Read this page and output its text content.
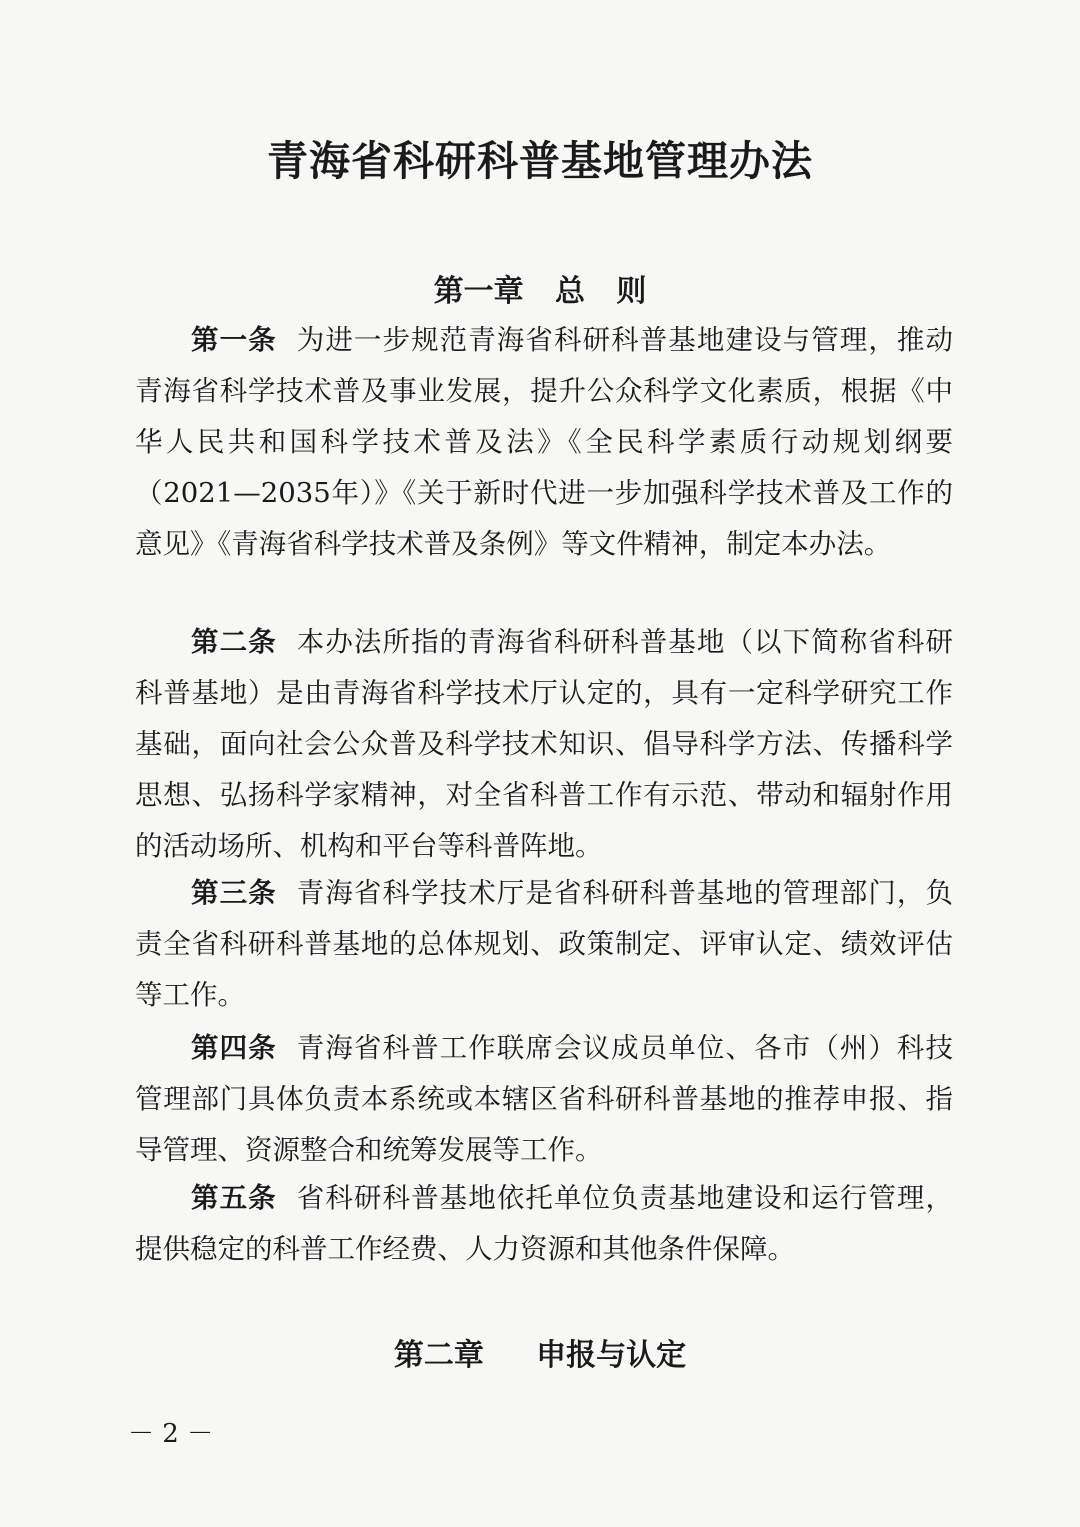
青海省科研科普基地管理办法
第一章   总   则

第一条 为进一步规范青海省科研科普基地建设与管理，推动青海省科学技术普及事业发展，提升公众科学文化素质，根据《中华人民共和国科学技术普及法》《全民科学素质行动规划纲要（2021—2035年）》《关于新时代进一步加强科学技术普及工作的意见》《青海省科学技术普及条例》等文件精神，制定本办法。

第二条 本办法所指的青海省科研科普基地（以下简称省科研科普基地）是由青海省科学技术厅认定的，具有一定科学研究工作基础，面向社会公众普及科学技术知识、倡导科学方法、传播科学思想、弘扬科学家精神，对全省科普工作有示范、带动和辐射作用的活动场所、机构和平台等科普阵地。

第三条 青海省科学技术厅是省科研科普基地的管理部门，负责全省科研科普基地的总体规划、政策制定、评审认定、绩效评估等工作。

第四条 青海省科普工作联席会议成员单位、各市（州）科技管理部门具体负责本系统或本辖区省科研科普基地的推荐申报、指导管理、资源整合和统筹发展等工作。

第五条 省科研科普基地依托单位负责基地建设和运行管理，提供稳定的科普工作经费、人力资源和其他条件保障。

第二章     申报与认定
－ 2 －
